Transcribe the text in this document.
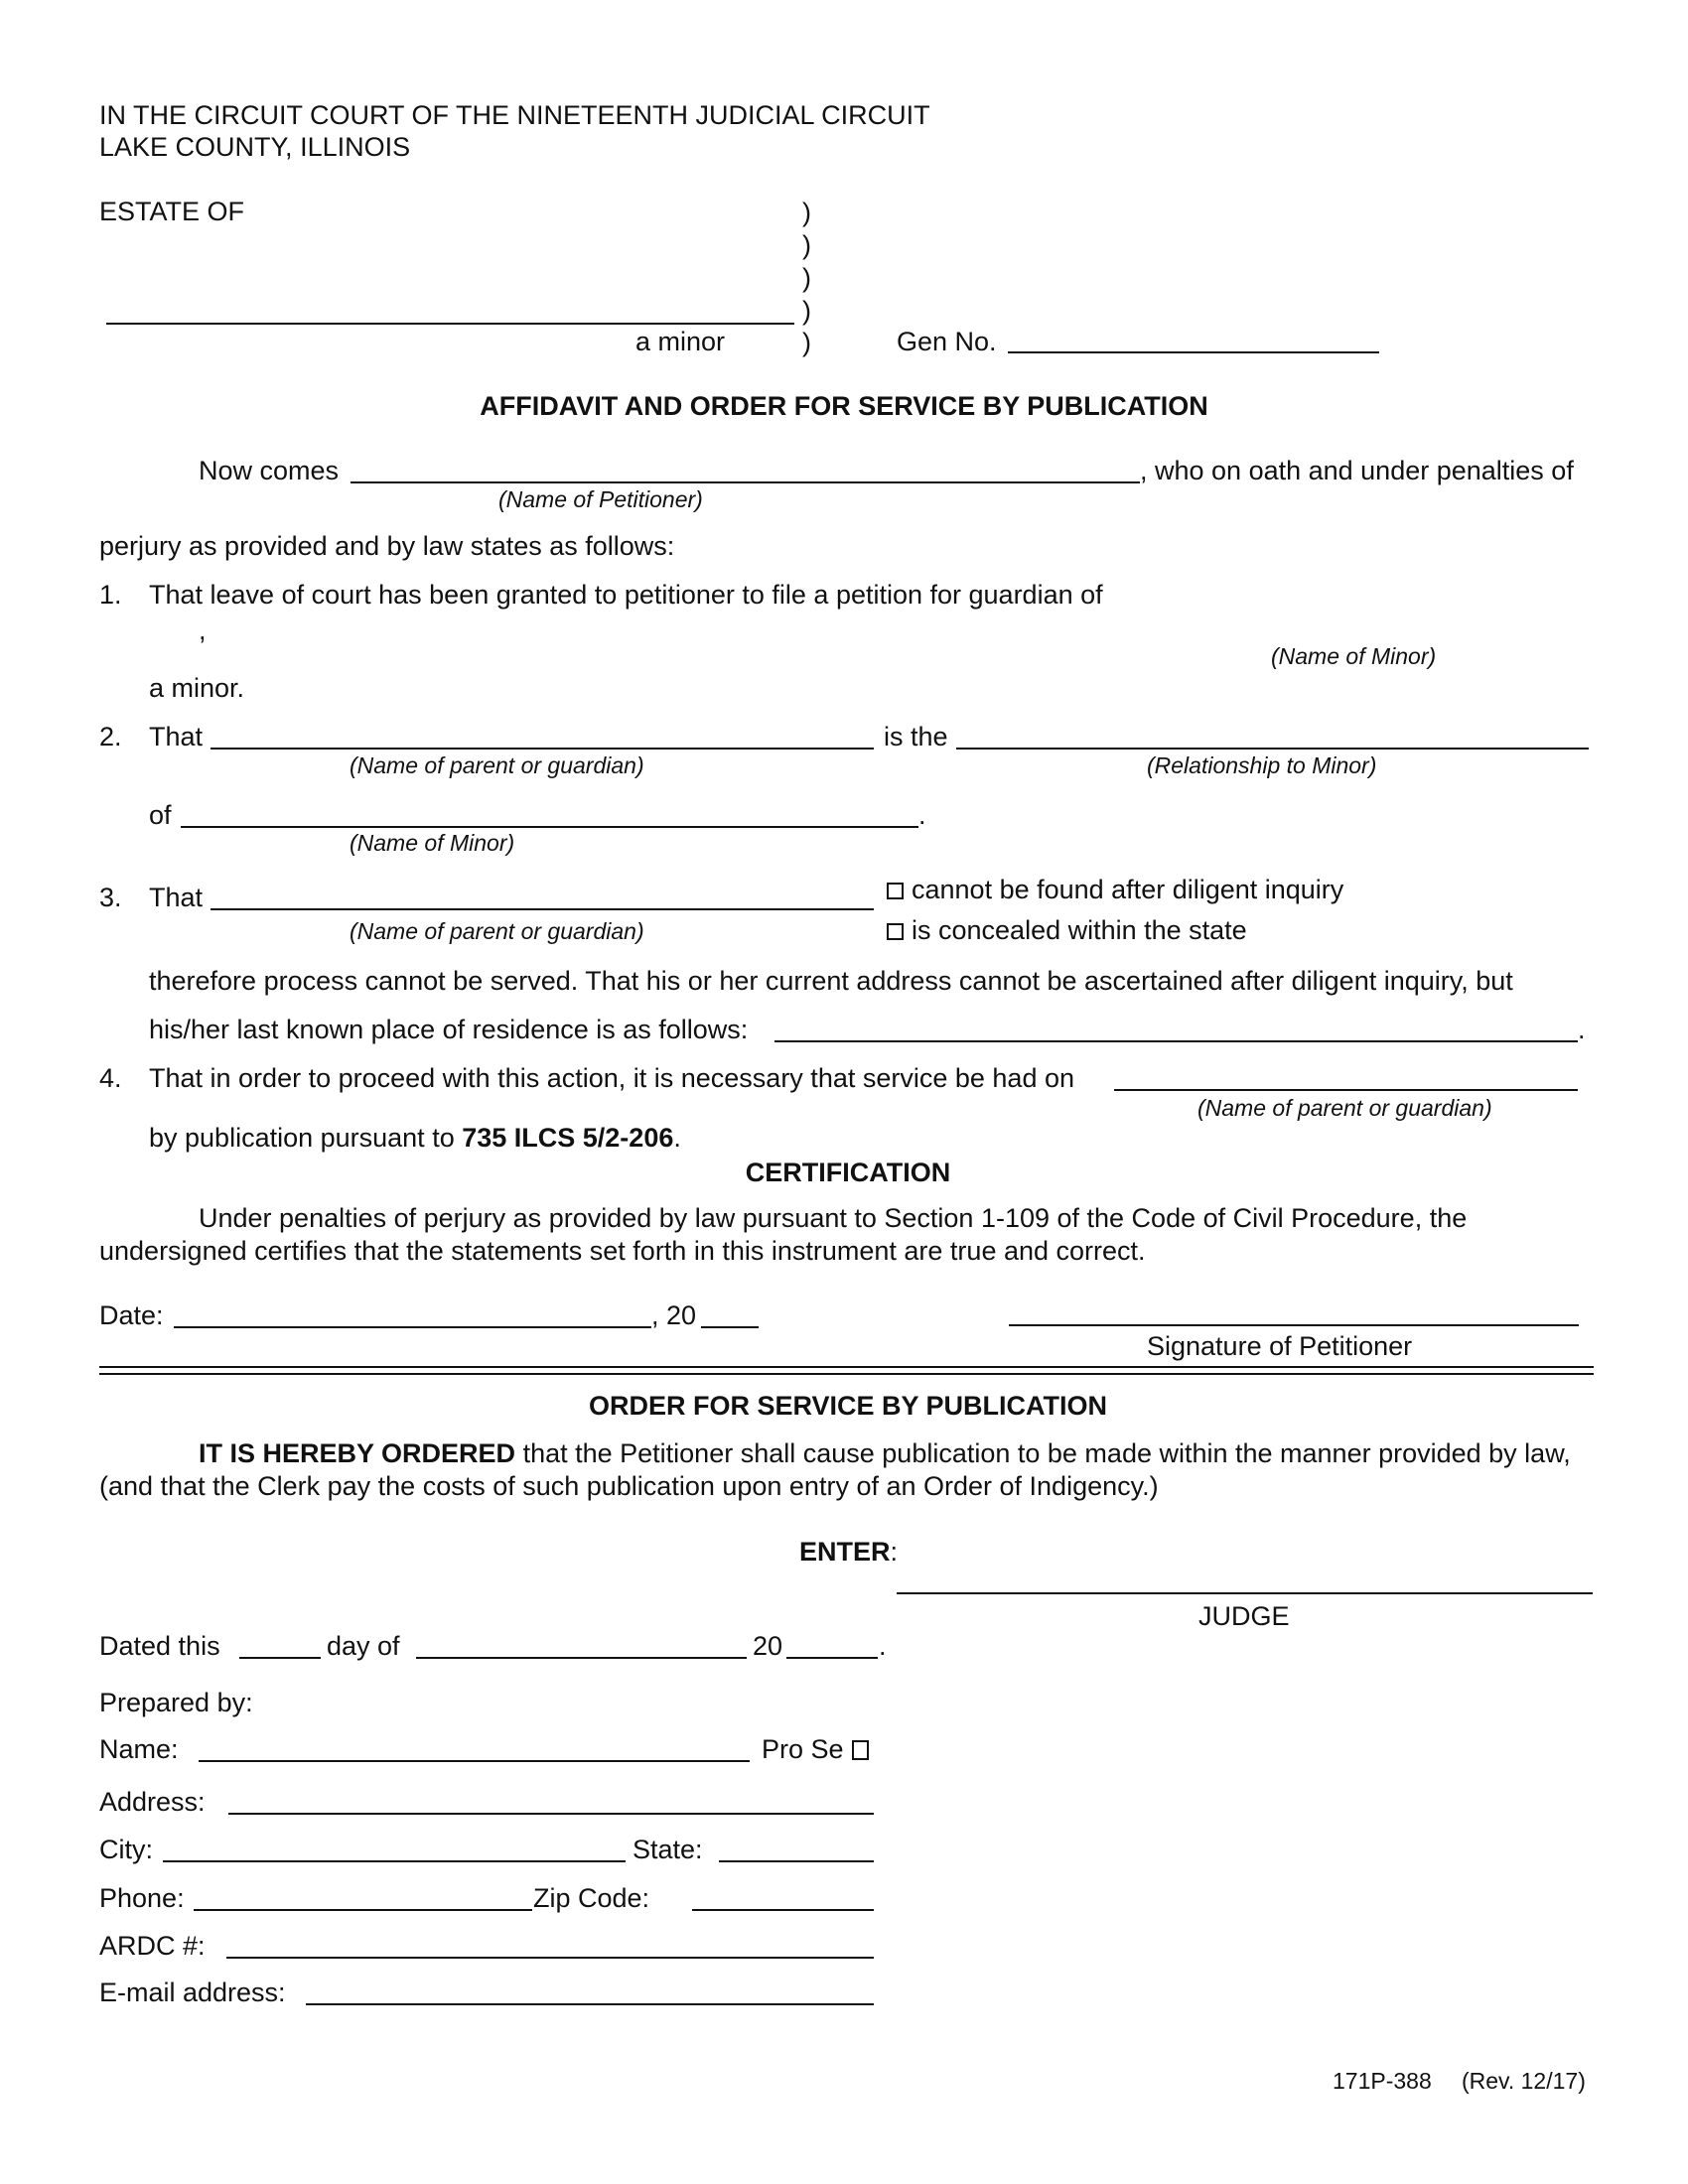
IN THE CIRCUIT COURT OF THE NINETEENTH JUDICIAL CIRCUIT
LAKE COUNTY, ILLINOIS
ESTATE OF	)
)
)
)
)
a minor	Gen No.
AFFIDAVIT AND ORDER FOR SERVICE BY PUBLICATION
Now comes	, who on oath and under penalties of
(Name of Petitioner)
perjury as provided and by law states as follows:
1. That leave of court has been granted to petitioner to file a petition for guardian of
,
(Name of Minor)
a minor.
2. That	is the
(Name of parent or guardian)	(Relationship to Minor)
of	.
(Name of Minor)
3. That	cannot be found after diligent inquiry
is concealed within the state
(Name of parent or guardian)
therefore process cannot be served. That his or her current address cannot be ascertained after diligent inquiry, but
his/her last known place of residence is as follows:	.
4. That in order to proceed with this action, it is necessary that service be had on
(Name of parent or guardian)
by publication pursuant to 735 ILCS 5/2-206.
CERTIFICATION
Under penalties of perjury as provided by law pursuant to Section 1-109 of the Code of Civil Procedure, the undersigned certifies that the statements set forth in this instrument are true and correct.
Date:	, 20
Signature of Petitioner
ORDER FOR SERVICE BY PUBLICATION
IT IS HEREBY ORDERED that the Petitioner shall cause publication to be made within the manner provided by law, (and that the Clerk pay the costs of such publication upon entry of an Order of Indigency.)
ENTER:
JUDGE
Dated this	day of	20	.
Prepared by:
Name:	Pro Se
Address:
City:	State:
Phone:	Zip Code:
ARDC #:
E-mail address:
171P-388 (Rev. 12/17)
